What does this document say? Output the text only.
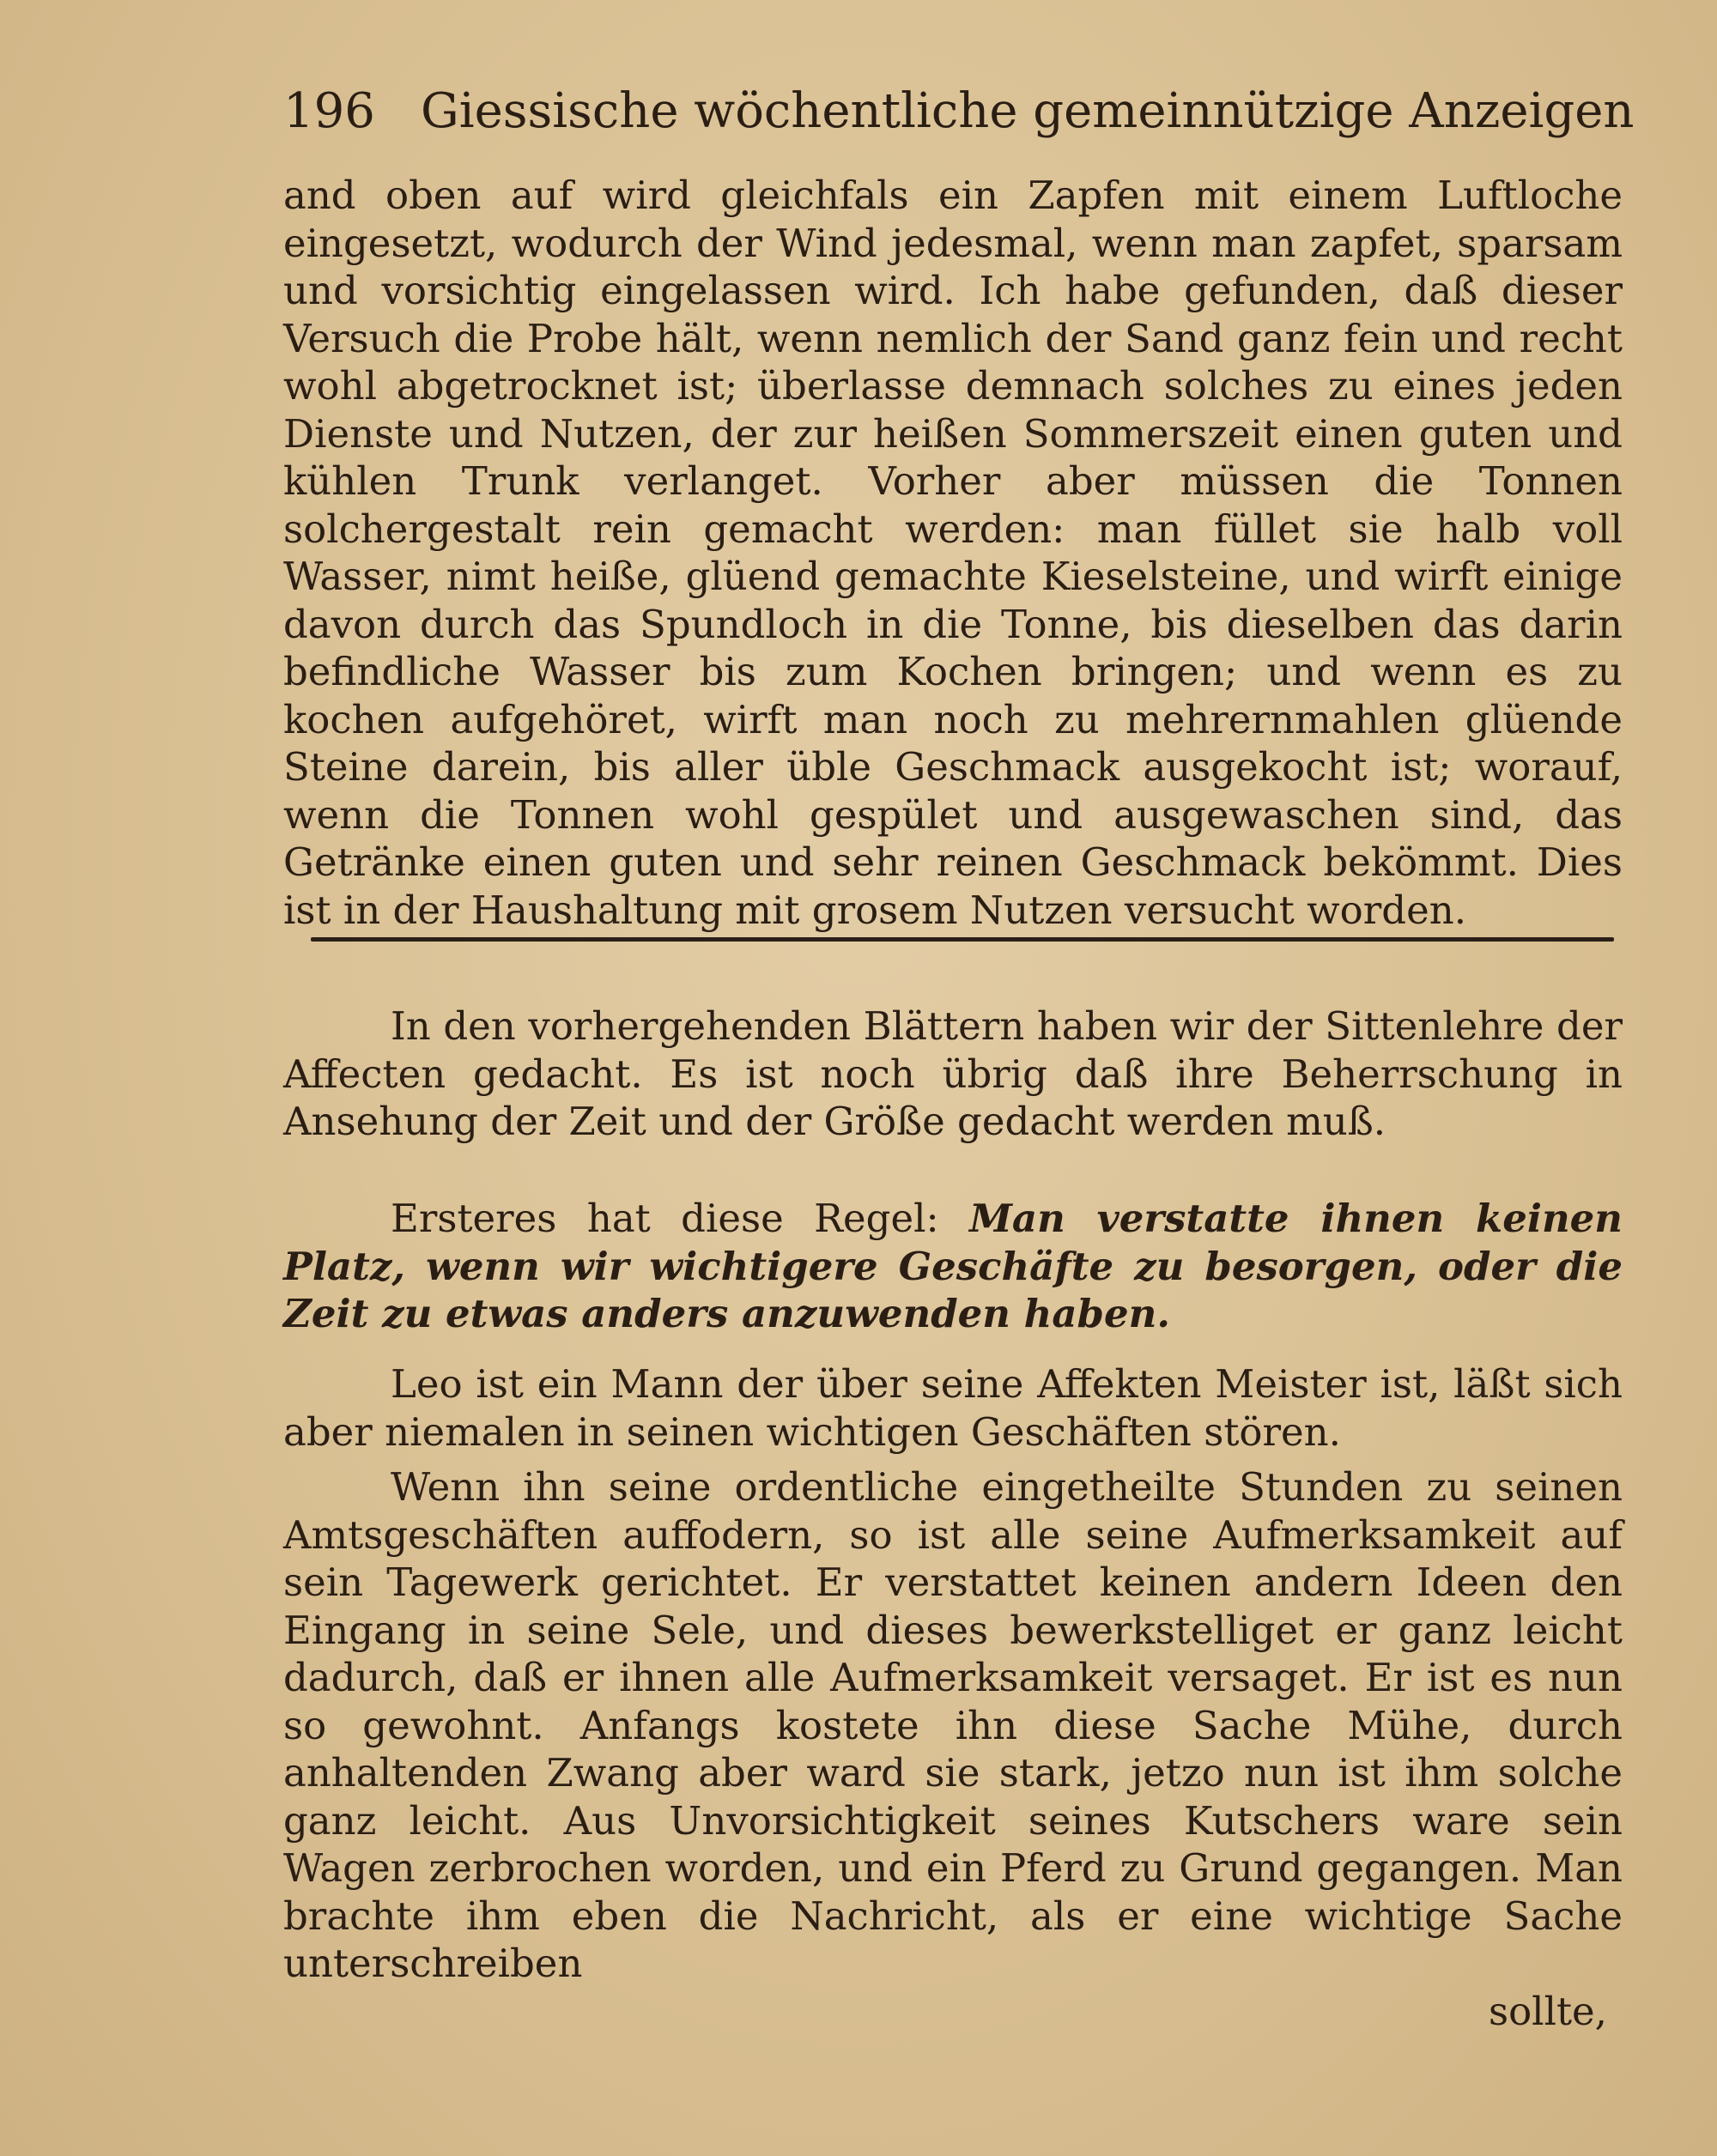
196 Giessische wöchentliche gemeinnützige Anzeigen

and oben auf wird gleichfals ein Zapfen mit einem Luftloche eingesetzt, wodurch der Wind jedesmal, wenn man zapfet, sparsam und vorsichtig eingelassen wird. Ich habe gefunden, daß dieser Versuch die Probe hält, wenn nemlich der Sand ganz fein und recht wohl abgetrocknet ist; überlasse demnach solches zu eines jeden Dienste und Nutzen, der zur heißen Sommerszeit einen guten und kühlen Trunk verlanget. Vorher aber müssen die Tonnen solchergestalt rein gemacht werden: man füllet sie halb voll Wasser, nimt heiße, glüend gemachte Kieselsteine, und wirft einige davon durch das Spundloch in die Tonne, bis dieselben das darin befindliche Wasser bis zum Kochen bringen; und wenn es zu kochen aufgehöret, wirft man noch zu mehrernmahlen glüende Steine darein, bis aller üble Geschmack ausgekocht ist; worauf, wenn die Tonnen wohl gespület und ausgewaschen sind, das Getränke einen guten und sehr reinen Geschmack bekömmt. Dies ist in der Haushaltung mit grosem Nutzen versucht worden.

In den vorhergehenden Blättern haben wir der Sittenlehre der Affecten gedacht. Es ist noch übrig daß ihre Beherrschung in Ansehung der Zeit und der Größe gedacht werden muß.

Ersteres hat diese Regel: Man verstatte ihnen keinen Platz, wenn wir wichtigere Geschäfte zu besorgen, oder die Zeit zu etwas anders anzuwenden haben.

Leo ist ein Mann der über seine Affekten Meister ist, läßt sich aber niemalen in seinen wichtigen Geschäften stören.

Wenn ihn seine ordentliche eingetheilte Stunden zu seinen Amtsgeschäften auffodern, so ist alle seine Aufmerksamkeit auf sein Tagewerk gerichtet. Er verstattet keinen andern Ideen den Eingang in seine Sele, und dieses bewerkstelliget er ganz leicht dadurch, daß er ihnen alle Aufmerksamkeit versaget. Er ist es nun so gewohnt. Anfangs kostete ihn diese Sache Mühe, durch anhaltenden Zwang aber ward sie stark, jetzo nun ist ihm solche ganz leicht. Aus Unvorsichtigkeit seines Kutschers ware sein Wagen zerbrochen worden, und ein Pferd zu Grund gegangen. Man brachte ihm eben die Nachricht, als er eine wichtige Sache unterschreiben

sollte,
